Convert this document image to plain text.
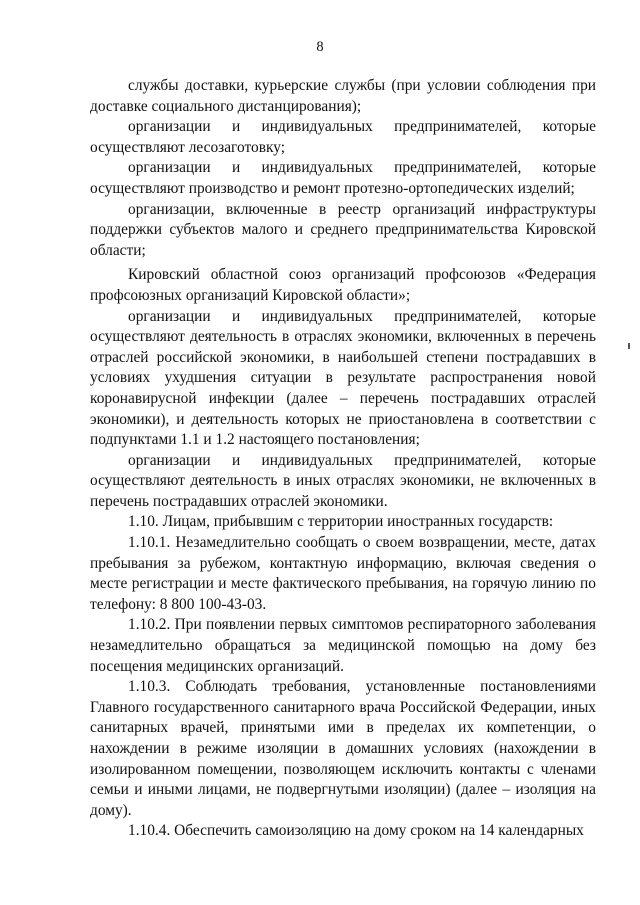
8

службы доставки, курьерские службы (при условии соблюдения при доставке социального дистанцирования);

организации и индивидуальных предпринимателей, которые осуществляют лесозаготовку;

организации и индивидуальных предпринимателей, которые осуществляют производство и ремонт протезно-ортопедических изделий;

организации, включенные в реестр организаций инфраструктуры поддержки субъектов малого и среднего предпринимательства Кировской области;

Кировский областной союз организаций профсоюзов «Федерация профсоюзных организаций Кировской области»;

организации и индивидуальных предпринимателей, которые осуществляют деятельность в отраслях экономики, включенных в перечень отраслей российской экономики, в наибольшей степени пострадавших в условиях ухудшения ситуации в результате распространения новой коронавирусной инфекции (далее – перечень пострадавших отраслей экономики), и деятельность которых не приостановлена в соответствии с подпунктами 1.1 и 1.2 настоящего постановления;

организации и индивидуальных предпринимателей, которые осуществляют деятельность в иных отраслях экономики, не включенных в перечень пострадавших отраслей экономики.

1.10. Лицам, прибывшим с территории иностранных государств:

1.10.1. Незамедлительно сообщать о своем возвращении, месте, датах пребывания за рубежом, контактную информацию, включая сведения о месте регистрации и месте фактического пребывания, на горячую линию по телефону: 8 800 100-43-03.

1.10.2. При появлении первых симптомов респираторного заболевания незамедлительно обращаться за медицинской помощью на дому без посещения медицинских организаций.

1.10.3. Соблюдать требования, установленные постановлениями Главного государственного санитарного врача Российской Федерации, иных санитарных врачей, принятыми ими в пределах их компетенции, о нахождении в режиме изоляции в домашних условиях (нахождении в изолированном помещении, позволяющем исключить контакты с членами семьи и иными лицами, не подвергнутыми изоляции) (далее – изоляция на дому).

1.10.4. Обеспечить самоизоляцию на дому сроком на 14 календарных
